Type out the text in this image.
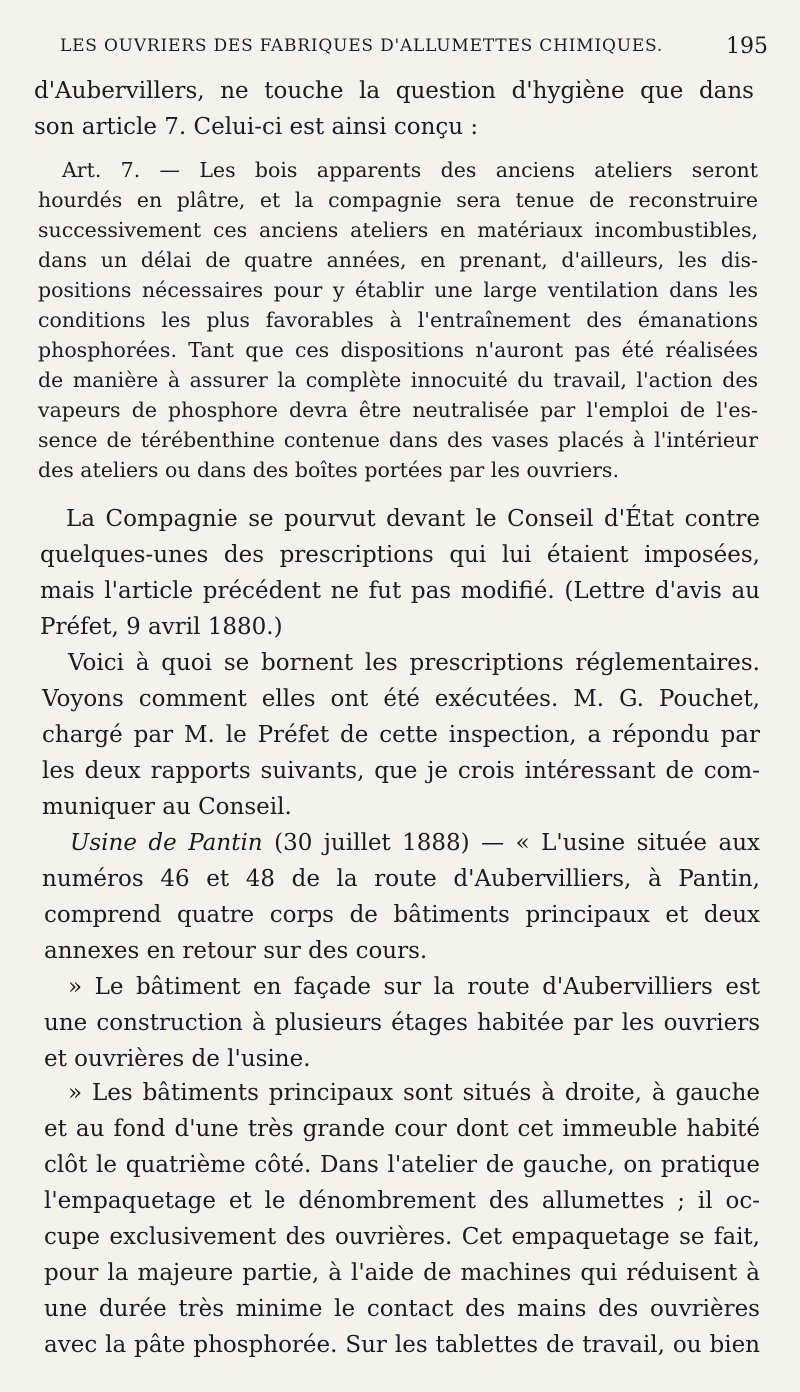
LES OUVRIERS DES FABRIQUES D'ALLUMETTES CHIMIQUES.	195
d'Aubervillers, ne touche la question d'hygiène que dans
son article 7. Celui-ci est ainsi conçu :
Art. 7. — Les bois apparents des anciens ateliers seront
hourdés en plâtre, et la compagnie sera tenue de reconstruire
successivement ces anciens ateliers en matériaux incombustibles,
dans un délai de quatre années, en prenant, d'ailleurs, les dis-
positions nécessaires pour y établir une large ventilation dans les
conditions les plus favorables à l'entraînement des émanations
phosphorées. Tant que ces dispositions n'auront pas été réalisées
de manière à assurer la complète innocuité du travail, l'action des
vapeurs de phosphore devra être neutralisée par l'emploi de l'es-
sence de térébenthine contenue dans des vases placés à l'intérieur
des ateliers ou dans des boîtes portées par les ouvriers.
La Compagnie se pourvut devant le Conseil d'État contre
quelques-unes des prescriptions qui lui étaient imposées,
mais l'article précédent ne fut pas modifié. (Lettre d'avis au
Préfet, 9 avril 1880.)
Voici à quoi se bornent les prescriptions réglementaires.
Voyons comment elles ont été exécutées. M. G. Pouchet,
chargé par M. le Préfet de cette inspection, a répondu par
les deux rapports suivants, que je crois intéressant de com-
muniquer au Conseil.
Usine de Pantin (30 juillet 1888) — « L'usine située aux
numéros 46 et 48 de la route d'Aubervilliers, à Pantin,
comprend quatre corps de bâtiments principaux et deux
annexes en retour sur des cours.
» Le bâtiment en façade sur la route d'Aubervilliers est
une construction à plusieurs étages habitée par les ouvriers
et ouvrières de l'usine.
» Les bâtiments principaux sont situés à droite, à gauche
et au fond d'une très grande cour dont cet immeuble habité
clôt le quatrième côté. Dans l'atelier de gauche, on pratique
l'empaquetage et le dénombrement des allumettes ; il oc-
cupe exclusivement des ouvrières. Cet empaquetage se fait,
pour la majeure partie, à l'aide de machines qui réduisent à
une durée très minime le contact des mains des ouvrières
avec la pâte phosphorée. Sur les tablettes de travail, ou bien
